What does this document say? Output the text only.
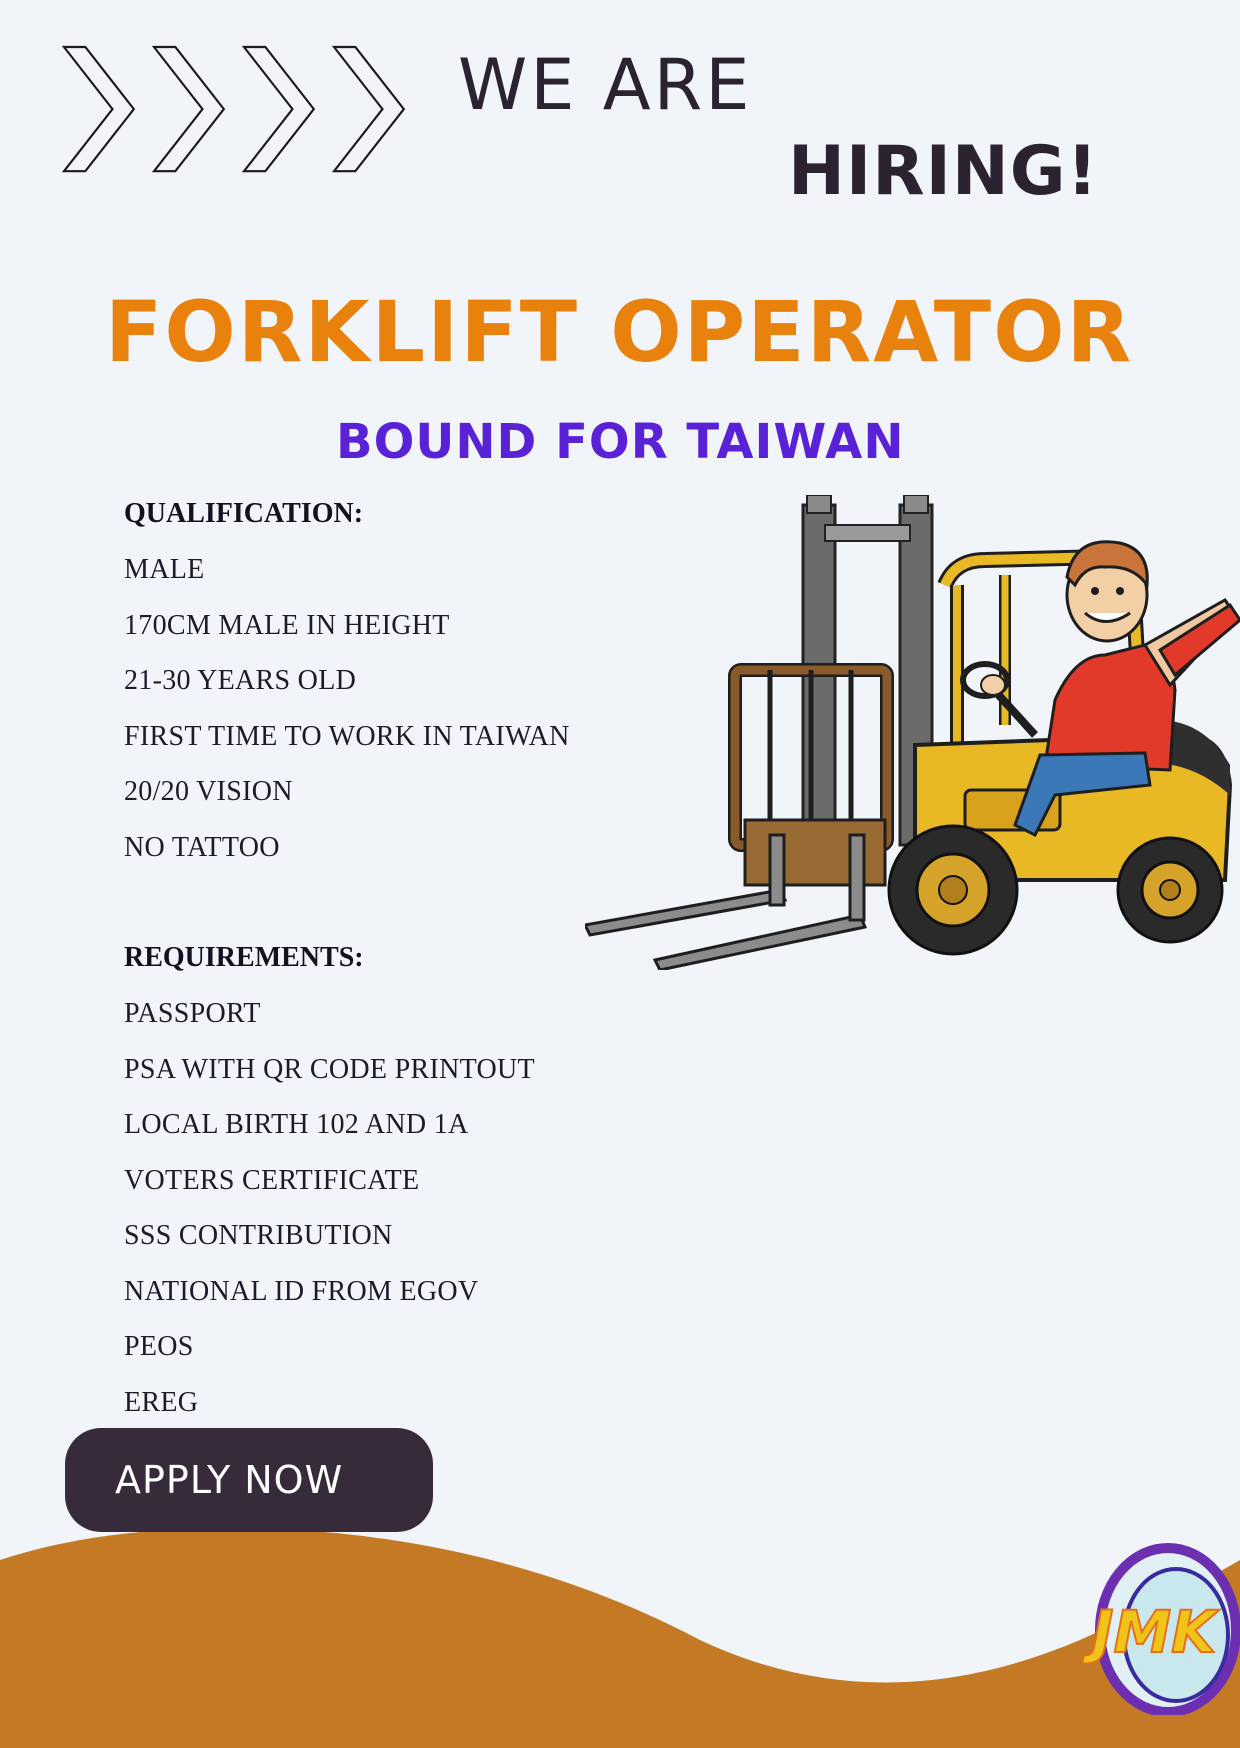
WE ARE
HIRING!
FORKLIFT OPERATOR
BOUND FOR TAIWAN
QUALIFICATION:
MALE
170CM MALE IN HEIGHT
21-30 YEARS OLD
FIRST TIME TO WORK IN TAIWAN
20/20 VISION
NO TATTOO
REQUIREMENTS:
PASSPORT
PSA WITH QR CODE PRINTOUT
LOCAL BIRTH 102 AND 1A
VOTERS CERTIFICATE
SSS CONTRIBUTION
NATIONAL ID FROM EGOV
PEOS
EREG
APPLY NOW
JMK
